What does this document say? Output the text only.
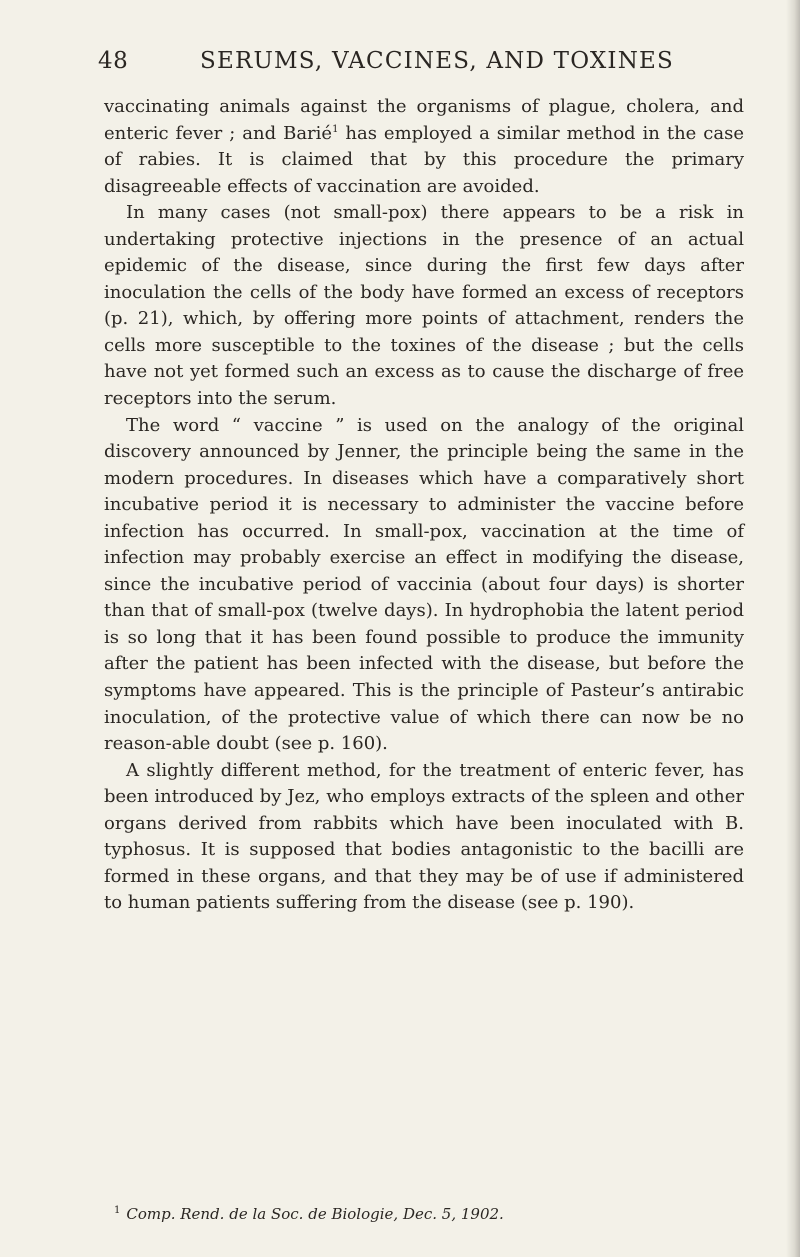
48	SERUMS, VACCINES, AND TOXINES

vaccinating animals against the organisms of plague, cholera, and enteric fever ; and Barié$^1$ has employed a similar method in the case of rabies. It is claimed that by this procedure the primary disagreeable effects of vaccination are avoided.

In many cases (not small-pox) there appears to be a risk in undertaking protective injections in the presence of an actual epidemic of the disease, since during the first few days after inoculation the cells of the body have formed an excess of receptors (p. 21), which, by offering more points of attachment, renders the cells more susceptible to the toxines of the disease ; but the cells have not yet formed such an excess as to cause the discharge of free receptors into the serum.

The word “ vaccine ” is used on the analogy of the original discovery announced by Jenner, the principle being the same in the modern procedures. In diseases which have a comparatively short incubative period it is necessary to administer the vaccine before infection has occurred. In small-pox, vaccination at the time of infection may probably exercise an effect in modifying the disease, since the incubative period of vaccinia (about four days) is shorter than that of small-pox (twelve days). In hydrophobia the latent period is so long that it has been found possible to produce the immunity after the patient has been infected with the disease, but before the symptoms have appeared. This is the principle of Pasteur’s antirabic inoculation, of the protective value of which there can now be no reason-able doubt (see p. 160).

A slightly different method, for the treatment of enteric fever, has been introduced by Jez, who employs extracts of the spleen and other organs derived from rabbits which have been inoculated with B. typhosus. It is supposed that bodies antagonistic to the bacilli are formed in these organs, and that they may be of use if administered to human patients suffering from the disease (see p. 190).

$^1$ Comp. Rend. de la Soc. de Biologie, Dec. 5, 1902.
